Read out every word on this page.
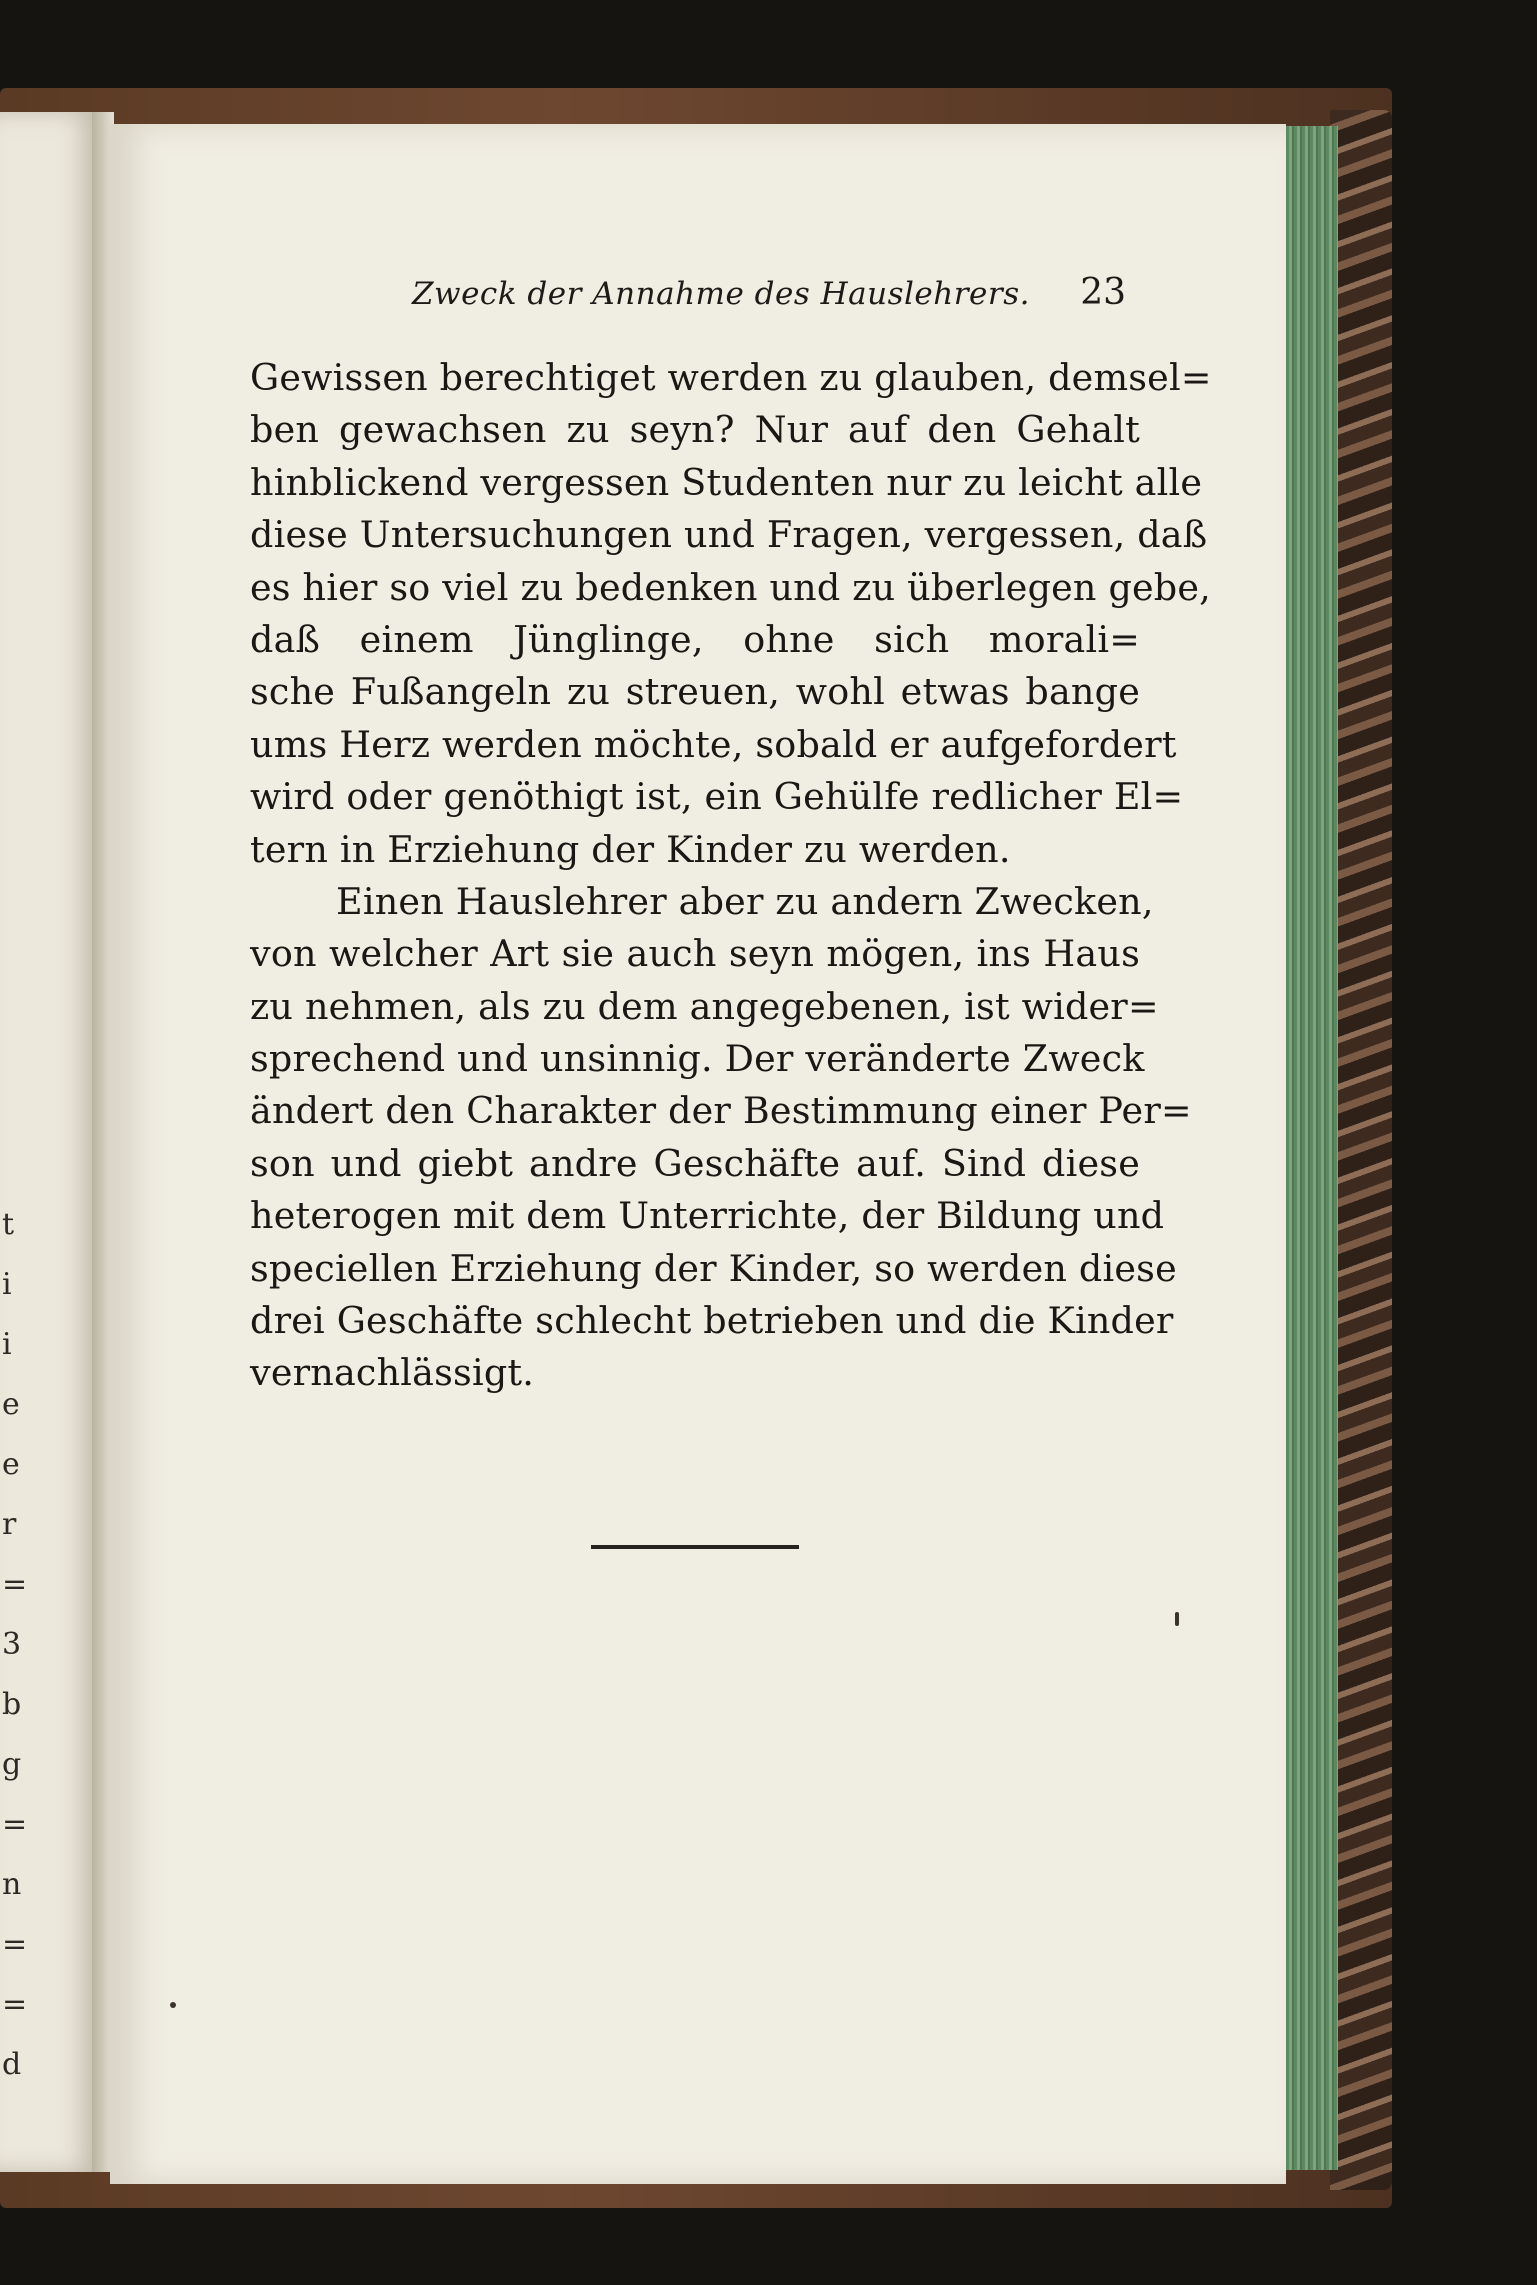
t
i
i
e
e
r
=
3
b
g
=
n
=
=
d
Zweck der Annahme des Hauslehrers. 23
Gewissen berechtiget werden zu glauben, demsel=
ben gewachsen zu seyn? Nur auf den Gehalt
hinblickend vergessen Studenten nur zu leicht alle
diese Untersuchungen und Fragen, vergessen, daß
es hier so viel zu bedenken und zu überlegen gebe,
daß einem Jünglinge, ohne sich morali=
sche Fußangeln zu streuen, wohl etwas bange
ums Herz werden möchte, sobald er aufgefordert
wird oder genöthigt ist, ein Gehülfe redlicher El=
tern in Erziehung der Kinder zu werden.
Einen Hauslehrer aber zu andern Zwecken,
von welcher Art sie auch seyn mögen, ins Haus
zu nehmen, als zu dem angegebenen, ist wider=
sprechend und unsinnig. Der veränderte Zweck
ändert den Charakter der Bestimmung einer Per=
son und giebt andre Geschäfte auf. Sind diese
heterogen mit dem Unterrichte, der Bildung und
speciellen Erziehung der Kinder, so werden diese
drei Geschäfte schlecht betrieben und die Kinder
vernachlässigt.
